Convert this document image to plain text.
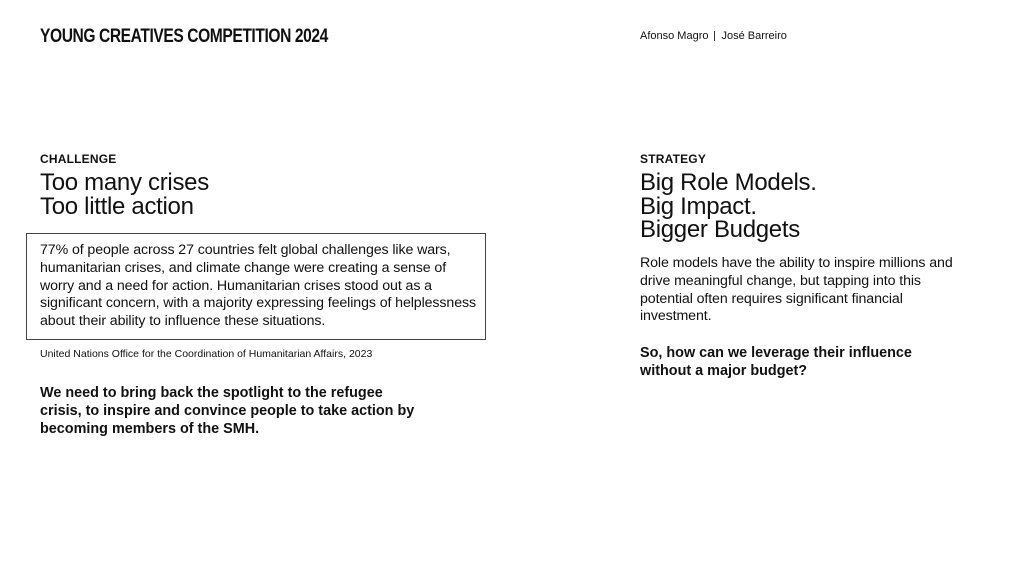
YOUNG CREATIVES COMPETITION 2024	Afonso Magro José Barreiro
CHALLENGE
Too many crises
Too little action
77% of people across 27 countries felt global challenges like wars, humanitarian crises, and climate change were creating a sense of worry and a need for action. Humanitarian crises stood out as a significant concern, with a majority expressing feelings of helplessness about their ability to influence these situations.
United Nations Office for the Coordination of Humanitarian Affairs, 2023
We need to bring back the spotlight to the refugee crisis, to inspire and convince people to take action by becoming members of the SMH.
STRATEGY
Big Role Models.
Big Impact.
Bigger Budgets
Role models have the ability to inspire millions and drive meaningful change, but tapping into this potential often requires significant financial investment.
So, how can we leverage their influence without a major budget?
